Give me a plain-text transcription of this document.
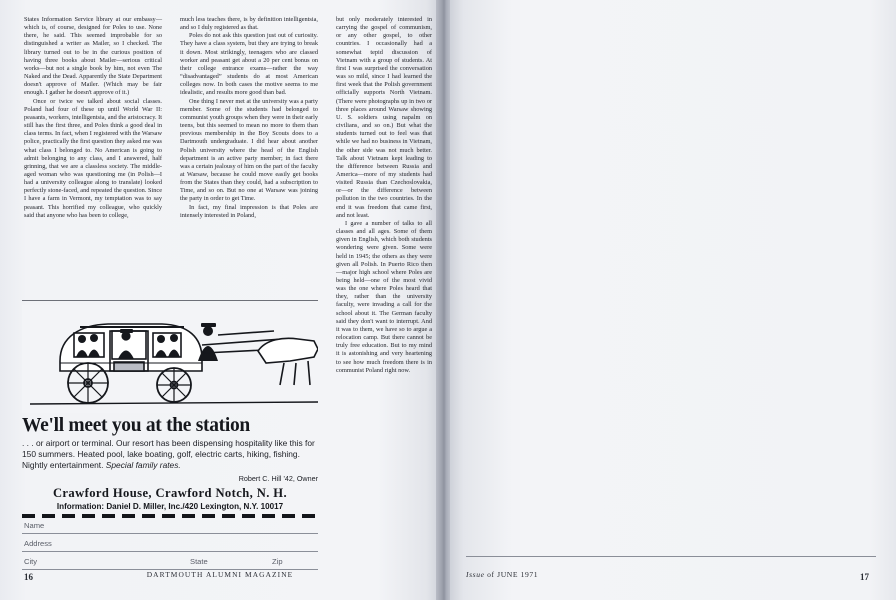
States Information Service library at our embassy—which is, of course, designed for Poles to use. None there, he said. This seemed improbable for so distinguished a writer as Mailer, so I checked. The library turned out to be in the curious position of having three books about Mailer—serious critical works—but not a single book by him, not even The Naked and the Dead. Apparently the State Department doesn't approve of Mailer. (Which may be fair enough. I gather he doesn't approve of it.)

Once or twice we talked about social classes. Poland had four of these up until World War II: peasants, workers, intelligentsia, and the aristocracy. It still has the first three, and Poles think a good deal in class terms. In fact, when I registered with the Warsaw police, practically the first question they asked me was what class I belonged to. No American is going to admit belonging to any class, and I answered, half grinning, that we are a classless society. The middle-aged woman who was questioning me (in Polish—I had a university colleague along to translate) looked perfectly stone-faced, and repeated the question. Since I have a farm in Vermont, my temptation was to say peasant. This horrified my colleague, who quickly said that anyone who has been to college,

much less teaches there, is by definition intelligentsia, and so I duly registered as that.

Poles do not ask this question just out of curiosity. They have a class system, but they are trying to break it down. Most strikingly, teenagers who are classed worker and peasant get about a 20 per cent bonus on their college entrance exams—rather the way “disadvantaged” students do at most American colleges now. In both cases the motive seems to me idealistic, and results more good than bad.

One thing I never met at the university was a party member. Some of the students had belonged to communist youth groups when they were in their early teens, but this seemed to mean no more to them than previous membership in the Boy Scouts does to a Dartmouth undergraduate. I did hear about another Polish university where the head of the English department is an active party member; in fact there was a certain jealousy of him on the part of the faculty at Warsaw, because he could move easily get books from the States than they could, had a subscription to Time, and so on. But no one at Warsaw was joining the party in order to get Time.

In fact, my final impression is that Poles are intensely interested in Poland,

but only moderately interested in carrying the gospel of communism, or any other gospel, to other countries. I occasionally had a somewhat tepid discussion of Vietnam with a group of students. At first I was surprised the conversation was so mild, since I had learned the first week that the Polish government officially supports North Vietnam. (There were photographs up in two or three places around Warsaw showing U. S. soldiers using napalm on civilians, and so on.) But what the students turned out to feel was that while we had no business in Vietnam, the other side was not much better. Talk about Vietnam kept leading to the difference between Russia and America—more of my students had visited Russia than Czechoslovakia, or—or the difference between pollution in the two countries. In the end it was freedom that came first, and not least.

I gave a number of talks to all classes and all ages. Some of them given in English, which both students wondering were given. Some were held in 1945; the others as they were given all Polish. In Puerto Rico then—major high school where Poles are being held—one of the most vivid was the one where Poles heard that they, rather than the university faculty, were invading a call for the school about it. The German faculty said they don't want to interrupt. And it was to them, we have so to argue a relocation camp. But there cannot be truly free education. But to my mind it is astonishing and very heartening to see how much freedom there is in communist Poland right now.

We'll meet you at the station
. . . or airport or terminal. Our resort has been dispensing hospitality like this for 150 summers. Heated pool, lake boating, golf, electric carts, hiking, fishing. Nightly entertainment. Special family rates.
Robert C. Hill '42, Owner
Crawford House, Crawford Notch, N. H.
Information: Daniel D. Miller, Inc./420 Lexington, N.Y. 10017
Name
Address
City	State	Zip
16

		Issue of JUNE 1971	17
DARTMOUTH ALUMNI MAGAZINE
